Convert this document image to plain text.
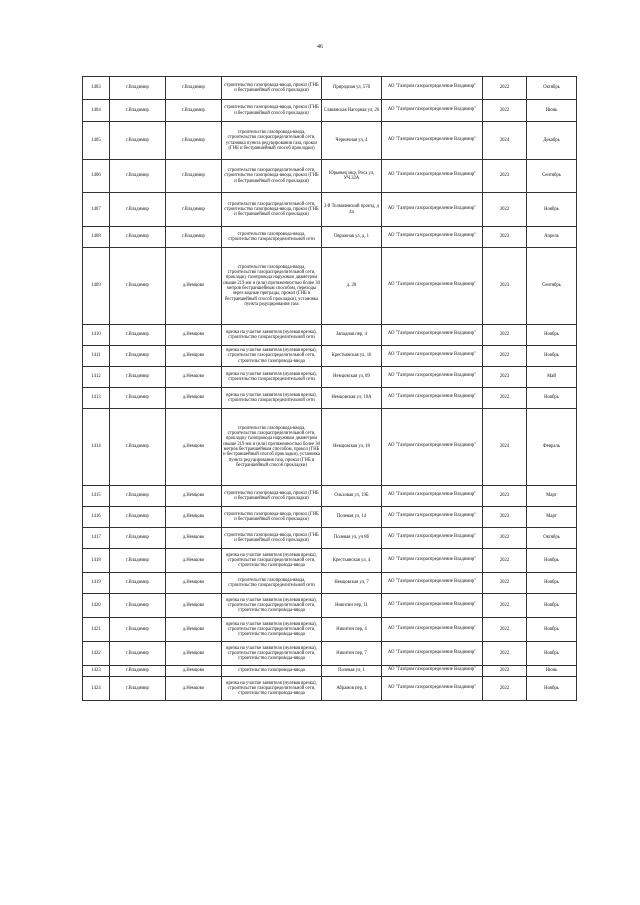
46
1403	г.Владимир	г.Владимир	строительство газопровода-ввода, прокол (ГНБ и бестраншейный способ прокладки)	Природная ул, 57б	АО "Газпром газораспределение Владимир"	2022	Октябрь
1404	г.Владимир	г.Владимир	строительство газопровода-ввода, прокол (ГНБ и бестраншейный способ прокладки)	Славянская Нагорная ул, 26	АО "Газпром газораспределение Владимир"	2022	Июнь
1405	г.Владимир	г.Владимир	строительство газопровода-ввода, строительство газораспределительной сети, установка пункта редуцирования газа, прокол (ГНБ и бестраншейный способ прокладки)	Черничная ул, 4	АО "Газпром газораспределение Владимир"	2024	Декабрь
1406	г.Владимир	г.Владимир	строительство газораспределительной сети, строительство газопровода-ввода, прокол (ГНБ и бестраншейный способ прокладки)	Юрьевец мкр, Роса ул, УЧ.32А	АО "Газпром газораспределение Владимир"	2023	Сентябрь
1407	г.Владимир	г.Владимир	строительство газораспределительной сети, строительство газопровода-ввода, прокол (ГНБ и бестраншейный способ прокладки)	3-й Толмачевский проезд, д 4а	АО "Газпром газораспределение Владимир"	2022	Ноябрь
1408	г.Владимир	г.Владимир	строительство газопровода-ввода, строительство газораспределительной сети	Овражная ул, д. 1	АО "Газпром газораспределение Владимир"	2023	Апрель
1409	г.Владимир	д.Немцово	строительство газопровода-ввода, строительство газораспределительной сети, прокладку газопровода наружным диаметром свыше 219 мм и (или) протяженностью более 30 метров бестраншейным способом, переходы через водные преграды, прокол (ГНБ и бестраншейный способ прокладки), установка пункта редуцирования газа	д. 28	АО "Газпром газораспределение Владимир"	2023	Сентябрь
1410	г.Владимир	д.Немцово	врезка на участке заявителя (нулевая врезка), строительство газораспределительной сети	Западная пер, 4	АО "Газпром газораспределение Владимир"	2022	Ноябрь
1411	г.Владимир	д.Немцово	врезка на участке заявителя (нулевая врезка), строительство газораспределительной сети, строительство газопровода-ввода	Крестьянская ул, 16	АО "Газпром газораспределение Владимир"	2022	Ноябрь
1412	г.Владимир	д.Немцово	врезка на участке заявителя (нулевая врезка), строительство газораспределительной сети	Немцовская ул, 89	АО "Газпром газораспределение Владимир"	2023	Май
1413	г.Владимир	д.Немцово	врезка на участке заявителя (нулевая врезка), строительство газораспределительной сети	Немцовская ул, 10А	АО "Газпром газораспределение Владимир"	2022	Ноябрь
1414	г.Владимир	д.Немцово	строительство газопровода-ввода, строительство газораспределительной сети, прокладку газопровода наружным диаметром свыше 219 мм и (или) протяженностью более 30 метров бестраншейным способом, прокол (ГНБ и бестраншейный способ прокладки), установка пункта редуцирования газа, прокол (ГНБ и бестраншейный способ прокладки)	Немцовская ул, 18	АО "Газпром газораспределение Владимир"	2024	Февраль
1415	г.Владимир	д.Немцово	строительство газопровода-ввода, прокол (ГНБ и бестраншейный способ прокладки)	Ольховая ул, 19Б	АО "Газпром газораспределение Владимир"	2023	Март
1416	г.Владимир	д.Немцово	строительство газопровода-ввода, прокол (ГНБ и бестраншейный способ прокладки)	Полевая ул, 14	АО "Газпром газораспределение Владимир"	2023	Март
1417	г.Владимир	д.Немцово	строительство газопровода-ввода, прокол (ГНБ и бестраншейный способ прокладки)	Полевая ул, уч 8б	АО "Газпром газораспределение Владимир"	2022	Октябрь
1418	г.Владимир	д.Немцово	врезка на участке заявителя (нулевая врезка), строительство газораспределительной сети, строительство газопровода-ввода	Крестьянская ул, 4	АО "Газпром газораспределение Владимир"	2022	Ноябрь
1419	г.Владимир	д.Немцово	строительство газопровода-ввода, строительство газораспределительной сети	Немцовская ул, 7	АО "Газпром газораспределение Владимир"	2022	Ноябрь
1420	г.Владимир	д.Немцово	врезка на участке заявителя (нулевая врезка), строительство газораспределительной сети, строительство газопровода-ввода	Никитин пер, 11	АО "Газпром газораспределение Владимир"	2022	Ноябрь
1421	г.Владимир	д.Немцово	врезка на участке заявителя (нулевая врезка), строительство газораспределительной сети, строительство газопровода-ввода	Никитин пер, 4	АО "Газпром газораспределение Владимир"	2022	Ноябрь
1422	г.Владимир	д.Немцово	врезка на участке заявителя (нулевая врезка), строительство газораспределительной сети, строительство газопровода-ввода	Никитин пер, 7	АО "Газпром газораспределение Владимир"	2022	Ноябрь
1423	г.Владимир	д.Немцово	строительство газопровода-ввода	Полевая ул, 1	АО "Газпром газораспределение Владимир"	2022	Июнь
1424	г.Владимир	д.Немцово	врезка на участке заявителя (нулевая врезка), строительство газораспределительной сети, строительство газопровода-ввода	Абрамов пер, 4	АО "Газпром газораспределение Владимир"	2022	Ноябрь
